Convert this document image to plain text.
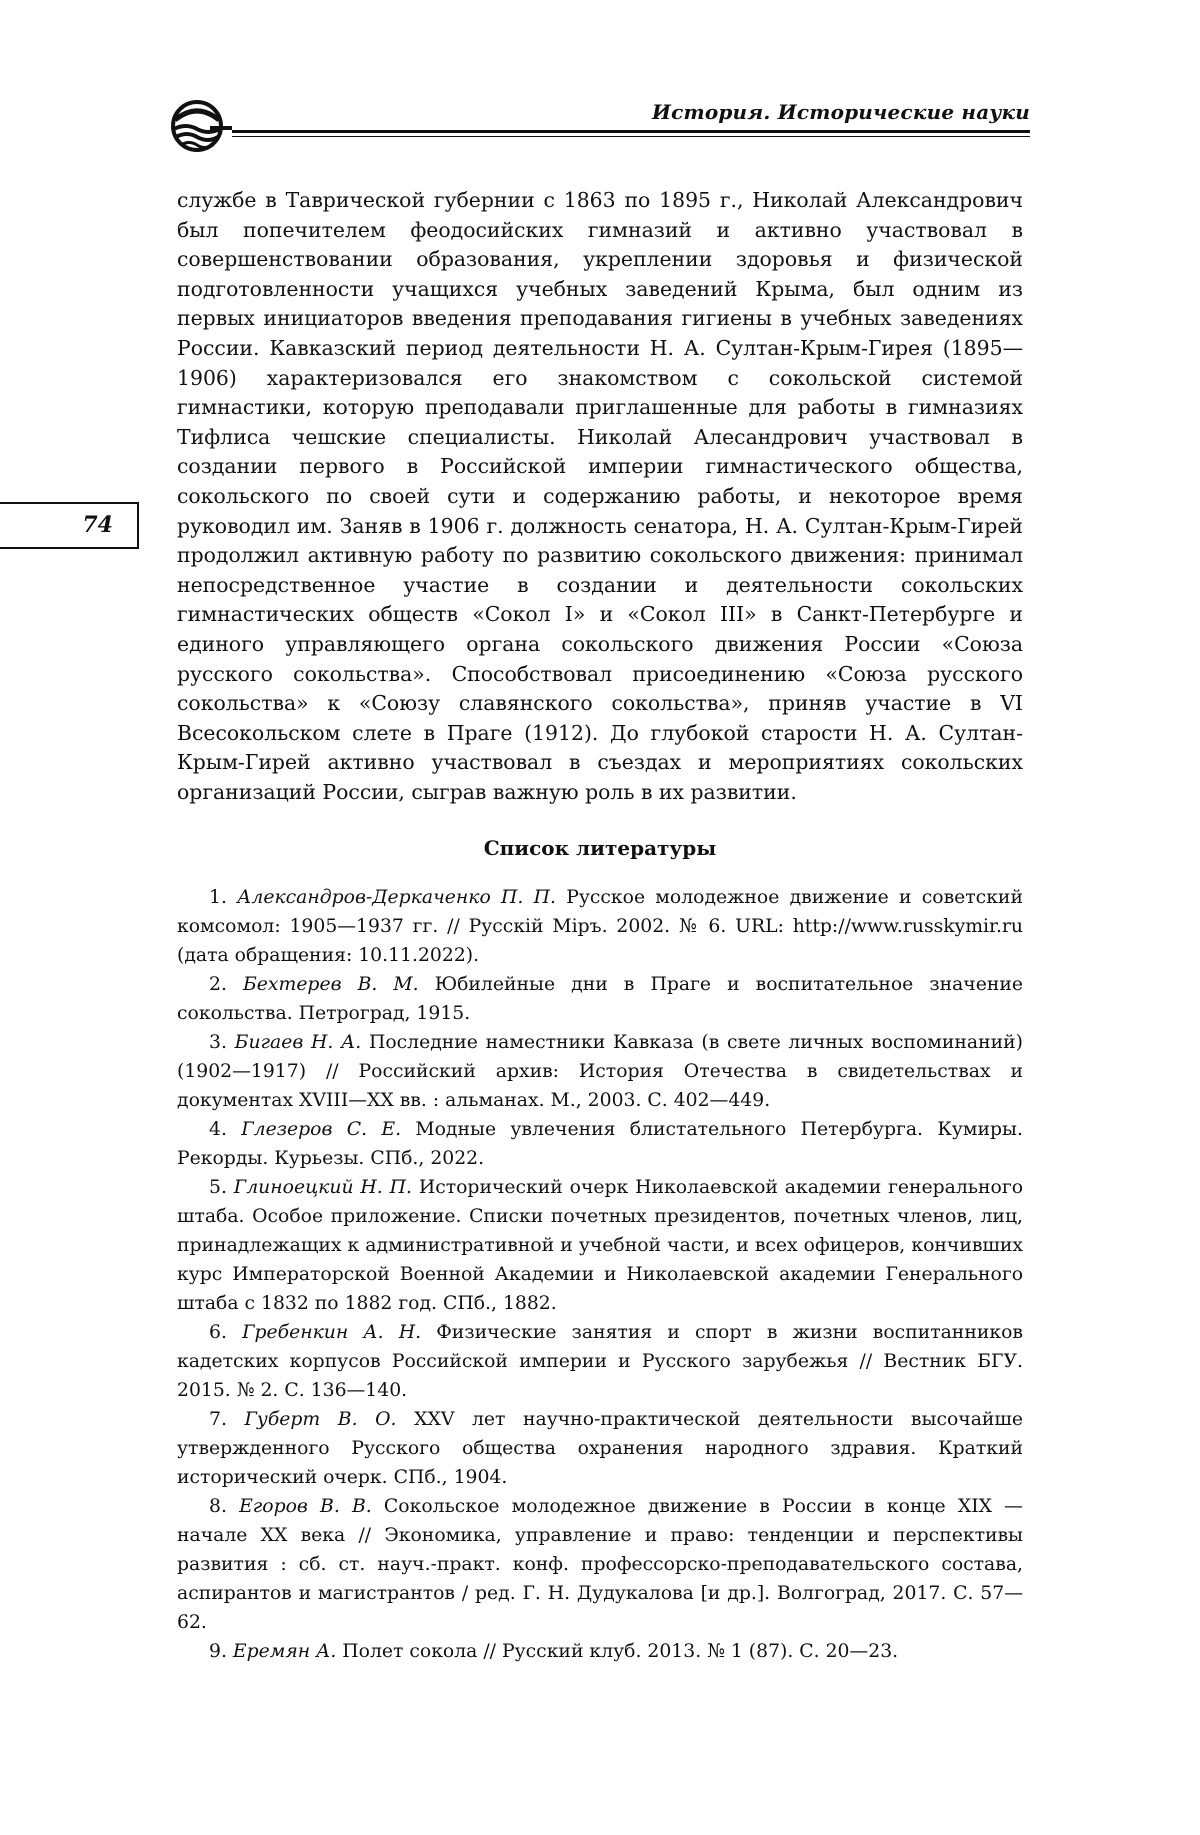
История. Исторические науки
74

службе в Таврической губернии с 1863 по 1895 г., Николай Александрович был попечителем феодосийских гимназий и активно участвовал в совершенствовании образования, укреплении здоровья и физической подготовленности учащихся учебных заведений Крыма, был одним из первых инициаторов введения преподавания гигиены в учебных заведениях России. Кавказский период деятельности Н. А. Султан-Крым-Гирея (1895—1906) характеризовался его знакомством с сокольской системой гимнастики, которую преподавали приглашенные для работы в гимназиях Тифлиса чешские специалисты. Николай Алесандрович участвовал в создании первого в Российской империи гимнастического общества, сокольского по своей сути и содержанию работы, и некоторое время руководил им. Заняв в 1906 г. должность сенатора, Н. А. Султан-Крым-Гирей продолжил активную работу по развитию сокольского движения: принимал непосредственное участие в создании и деятельности сокольских гимнастических обществ «Сокол I» и «Сокол III» в Санкт-Петербурге и единого управляющего органа сокольского движения России «Союза русского сокольства». Способствовал присоединению «Союза русского сокольства» к «Союзу славянского сокольства», приняв участие в VI Всесокольском слете в Праге (1912). До глубокой старости Н. А. Султан-Крым-Гирей активно участвовал в съездах и мероприятиях сокольских организаций России, сыграв важную роль в их развитии.

Список литературы
1. Александров-Деркаченко П. П. Русское молодежное движение и советский комсомол: 1905—1937 гг. // Русскій Міръ. 2002. № 6. URL: http://www.russkymir.ru (дата обращения: 10.11.2022).
2. Бехтерев В. М. Юбилейные дни в Праге и воспитательное значение сокольства. Петроград, 1915.
3. Бигаев Н. А. Последние наместники Кавказа (в свете личных воспоминаний) (1902—1917) // Российский архив: История Отечества в свидетельствах и документах XVIII—XX вв. : альманах. М., 2003. С. 402—449.
4. Глезеров С. Е. Модные увлечения блистательного Петербурга. Кумиры. Рекорды. Курьезы. СПб., 2022.
5. Глиноецкий Н. П. Исторический очерк Николаевской академии генерального штаба. Особое приложение. Списки почетных президентов, почетных членов, лиц, принадлежащих к административной и учебной части, и всех офицеров, кончивших курс Императорской Военной Академии и Николаевской академии Генерального штаба с 1832 по 1882 год. СПб., 1882.
6. Гребенкин А. Н. Физические занятия и спорт в жизни воспитанников кадетских корпусов Российской империи и Русского зарубежья // Вестник БГУ. 2015. № 2. С. 136—140.
7. Губерт В. О. XXV лет научно-практической деятельности высочайше утвержденного Русского общества охранения народного здравия. Краткий исторический очерк. СПб., 1904.
8. Егоров В. В. Сокольское молодежное движение в России в конце XIX — начале XX века // Экономика, управление и право: тенденции и перспективы развития : сб. ст. науч.-практ. конф. профессорско-преподавательского состава, аспирантов и магистрантов / ред. Г. Н. Дудукалова [и др.]. Волгоград, 2017. С. 57—62.
9. Еремян А. Полет сокола // Русский клуб. 2013. № 1 (87). С. 20—23.
